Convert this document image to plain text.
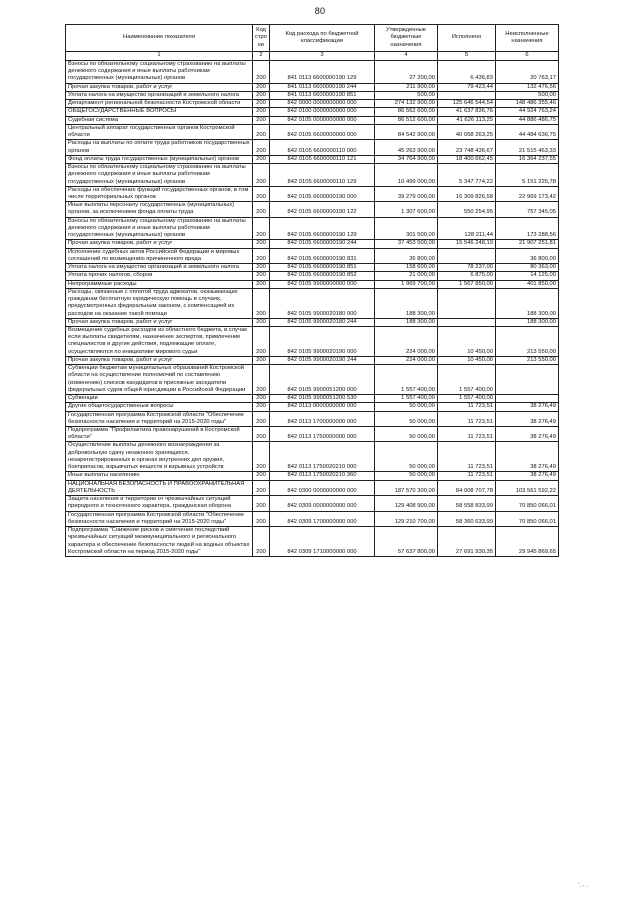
80
Наименование показателя	Код строки	Код расхода по бюджетной классификации	Утвержденные бюджетные назначения	Исполнено	Неисполненные назначения
1	2	3	4	5	6
Взносы по обязательному социальному страхованию на выплаты денежного содержания и иные выплаты работникам государственных (муниципальных) органов	200	841 0113 6600000190 129	27 200,00	6 436,83	20 763,17
Прочая закупка товаров, работ и услуг	200	841 0113 6600000190 244	211 900,00	79 423,44	132 476,56
Уплата налога на имущество организаций и земельного налога	200	841 0113 6600000190 851	500,00		500,00
Департамент региональной безопасности Костромской области	200	842 0000 0000000000 000	274 132 900,00	125 646 544,54	148 486 355,46
ОБЩЕГОСУДАРСТВЕННЫЕ ВОПРОСЫ	200	842 0100 0000000000 000	86 562 600,00	41 637 836,76	44 924 763,24
Судебная система	200	842 0105 0000000000 000	86 512 600,00	41 626 113,25	44 886 486,75
Центральный аппарат государственных органов Костромской области	200	842 0105 6600000000 000	84 542 900,00	40 058 263,25	44 484 636,75
Расходы на выплаты по оплате труда работников государственных органов	200	842 0105 6600000110 000	45 263 900,00	23 748 436,67	21 515 463,33
Фонд оплаты труда государственных (муниципальных) органов	200	842 0105 6600000110 121	34 764 900,00	18 400 662,45	16 364 237,55
Взносы по обязательному социальному страхованию на выплаты денежного содержания и иные выплаты работникам государственных (муниципальных) органов	200	842 0105 6600000110 129	10 499 000,00	5 347 774,22	5 151 225,78
Расходы на обеспечение функций государственных органов, в том числе территориальных органов	200	842 0105 6600000190 000	39 279 000,00	16 309 826,58	22 969 173,42
Иные выплаты персоналу государственных (муниципальных) органов, за исключением фонда оплаты труда	200	842 0105 6600000190 122	1 307 600,00	550 254,95	757 345,05
Взносы по обязательному социальному страхованию на выплаты денежного содержания и иные выплаты работникам государственных (муниципальных) органов	200	842 0105 6600000190 129	301 500,00	128 211,44	173 288,56
Прочая закупка товаров, работ и услуг	200	842 0105 6600000190 244	37 453 500,00	15 546 248,19	21 907 251,81
Исполнение судебных актов Российской Федерации и мировых соглашений по возмещению причиненного вреда	200	842 0105 6600000190 831	36 800,00		36 800,00
Уплата налога на имущество организаций и земельного налога	200	842 0105 6600000190 851	158 600,00	78 237,00	80 363,00
Уплата прочих налогов, сборов	200	842 0105 6600000190 852	21 000,00	6 875,00	14 125,00
Непрограммные расходы	200	842 0105 9900000000 000	1 969 700,00	1 567 850,00	401 850,00
Расходы, связанные с оплатой труда адвокатов, оказывающих гражданам бесплатную юридическую помощь в случаях, предусмотренных федеральным законом, с компенсацией их расходов на оказание такой помощи	200	842 0105 9900020180 000	188 300,00		188 300,00
Прочая закупка товаров, работ и услуг	200	842 0105 9900020180 244	188 300,00		188 300,00
Возмещение судебных расходов из областного бюджета, в случае если выплаты свидетелям, назначение экспертов, привлечение специалистов и другие действия, подлежащие оплате, осуществляются по инициативе мирового судьи	200	842 0105 9900020190 000	224 000,00	10 450,00	213 550,00
Прочая закупка товаров, работ и услуг	200	842 0105 9900020190 244	224 000,00	10 450,00	213 550,00
Субвенции бюджетам муниципальных образований Костромской области на осуществление полномочий по составлению (изменению) списков кандидатов в присяжные заседатели федеральных судов общей юрисдикции в Российской Федерации	200	842 0105 9900051200 000	1 557 400,00	1 557 400,00	
Субвенции	200	842 0105 9900051200 530	1 557 400,00	1 557 400,00	
Другие общегосударственные вопросы	200	842 0113 0000000000 000	50 000,00	11 723,51	38 276,49
Государственная программа Костромской области "Обеспечение безопасности населения и территорий на 2015-2020 годы"	200	842 0113 1700000000 000	50 000,00	11 723,51	38 276,49
Подпрограмма "Профилактика правонарушений в Костромской области"	200	842 0113 1750000000 000	50 000,00	11 723,51	38 276,49
Осуществление выплаты денежного вознаграждения за добровольную сдачу незаконно хранящихся, незарегистрированных в органах внутренних дел оружия, боеприпасов, взрывчатых веществ и взрывных устройств	200	842 0113 1750020210 000	50 000,00	11 723,51	38 276,49
Иные выплаты населению	200	842 0113 1750020210 360	50 000,00	11 723,51	38 276,49
НАЦИОНАЛЬНАЯ БЕЗОПАСНОСТЬ И ПРАВООХРАНИТЕЛЬНАЯ ДЕЯТЕЛЬНОСТЬ	200	842 0300 0000000000 000	187 570 300,00	84 008 707,78	103 561 592,22
Защита населения и территории от чрезвычайных ситуаций природного и техногенного характера, гражданская оборона	200	842 0309 0000000000 000	129 408 900,00	58 558 833,99	70 850 066,01
Государственная программа Костромской области "Обеспечение безопасности населения и территорий на 2015-2020 годы"	200	842 0309 1700000000 000	129 210 700,00	58 360 633,99	70 850 066,01
Подпрограмма "Снижение рисков и смягчение последствий чрезвычайных ситуаций межмуниципального и регионального характера и обеспечение безопасности людей на водных объектах Костромской области на период 2015-2020 годы"	200	842 0309 1710000000 000	57 637 800,00	27 691 930,35	29 945 869,65
'. - .
